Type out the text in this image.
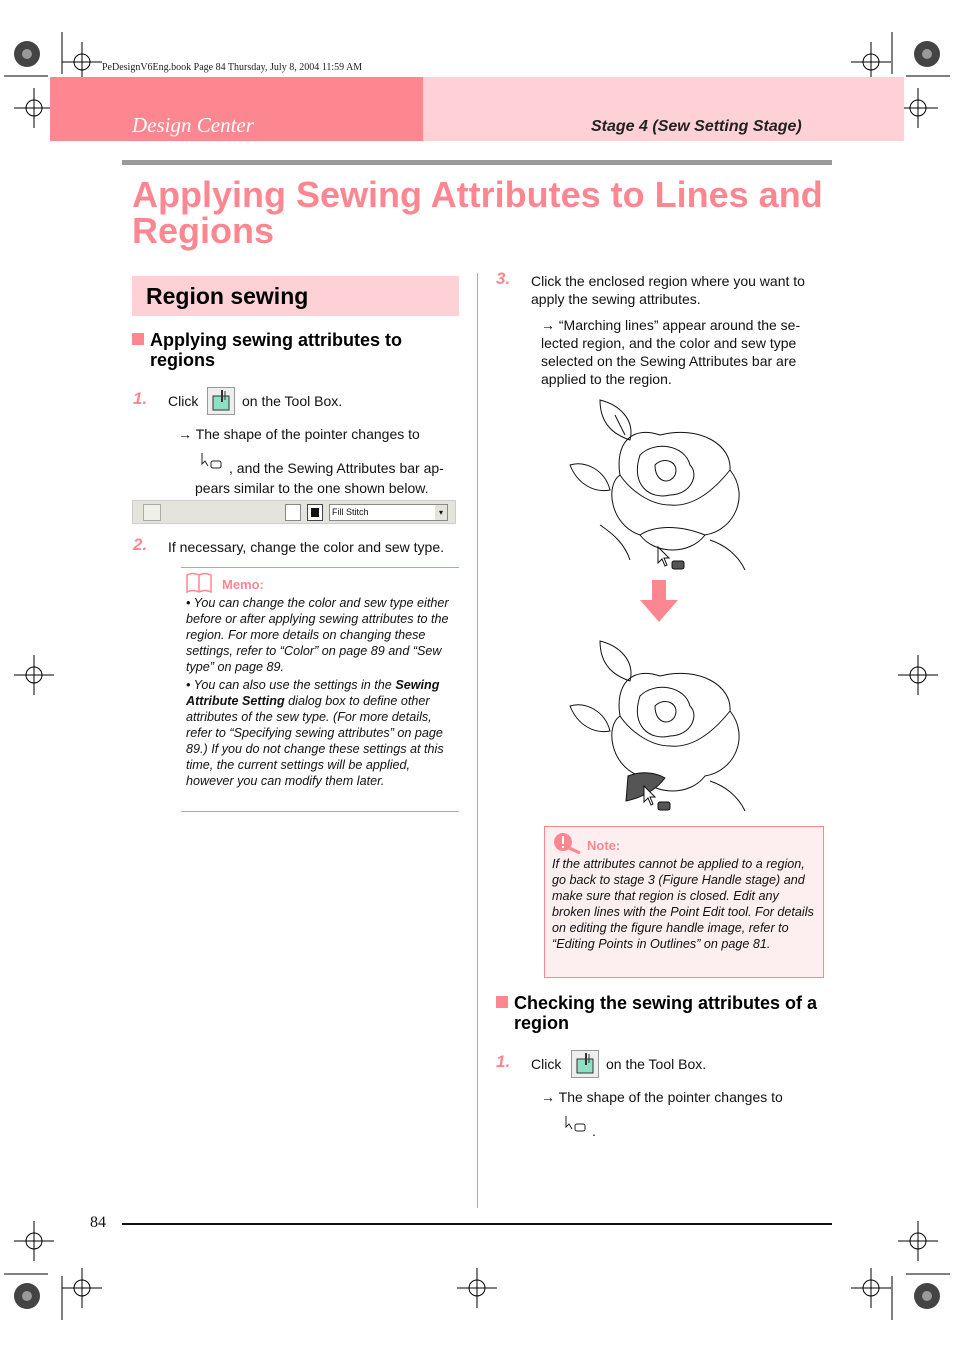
PeDesignV6Eng.book Page 84 Thursday, July 8, 2004 11:59 AM
Design Center	Stage 4 (Sew Setting Stage)
Applying Sewing Attributes to Lines and Regions
Region sewing
Applying sewing attributes to regions
1. Click	on the Tool Box.
→ The shape of the pointer changes to
, and the Sewing Attributes bar ap-
pears similar to the one shown below.
Fill Stitch	▾
2. If necessary, change the color and sew type.
Memo:
• You can change the color and sew type either before or after applying sewing attributes to the region. For more details on changing these settings, refer to “Color” on page 89 and “Sew type” on page 89.
• You can also use the settings in the Sewing Attribute Setting dialog box to define other attributes of the sew type. (For more details, refer to “Specifying sewing attributes” on page 89.) If you do not change these settings at this time, the current settings will be applied, however you can modify them later.
3. Click the enclosed region where you want to apply the sewing attributes.
→ “Marching lines” appear around the se-lected region, and the color and sew type selected on the Sewing Attributes bar are applied to the region.
Note:
If the attributes cannot be applied to a region, go back to stage 3 (Figure Handle stage) and make sure that region is closed. Edit any broken lines with the Point Edit tool. For details on editing the figure handle image, refer to “Editing Points in Outlines” on page 81.
Checking the sewing attributes of a region
1. Click	on the Tool Box.
→ The shape of the pointer changes to
.
84
